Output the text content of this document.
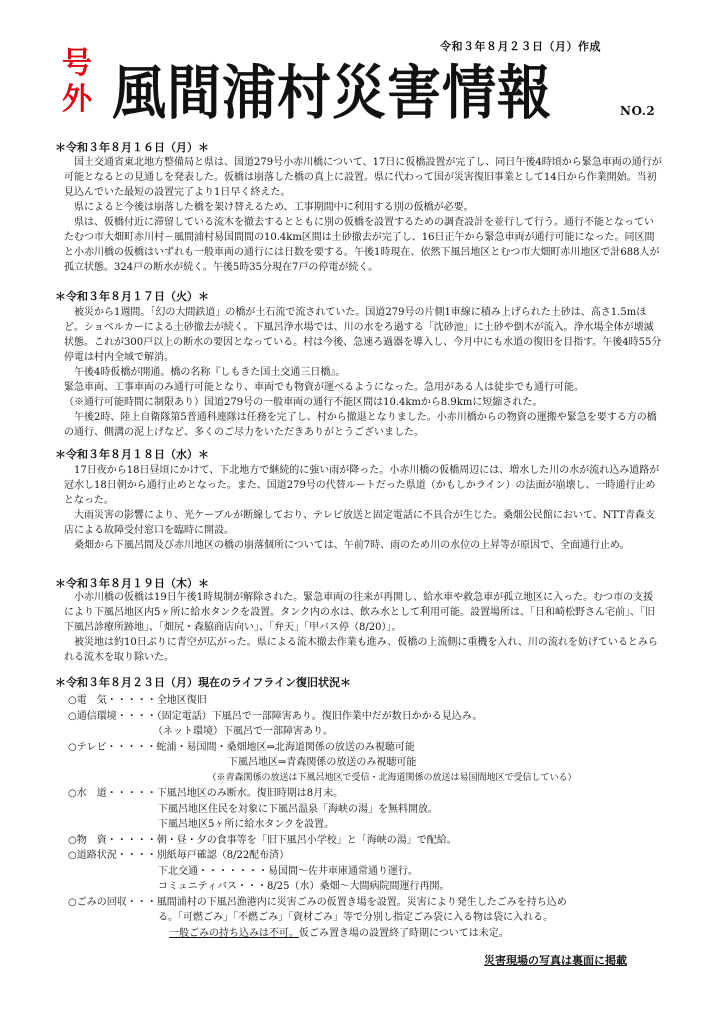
令和３年８月２３日（月）作成
号外 風間浦村災害情報	NO.2
＊令和３年８月１６日（月）＊

国土交通省東北地方整備局と県は、国道279号小赤川橋について、17日に仮橋設置が完了し、同日午後4時頃から緊急車両の通行が可能となるとの見通しを発表した。仮橋は崩落した橋の真上に設置。県に代わって国が災害復旧事業として14日から作業開始。当初見込んでいた最短の設置完了より1日早く終えた。

県によると今後は崩落した橋を架け替えるため、工事期間中に利用する別の仮橋が必要。

県は、仮橋付近に滞留している流木を撤去するとともに別の仮橋を設置するための調査設計を並行して行う。通行不能となっていたむつ市大畑町赤川村－風間浦村易国間間の10.4km区間は土砂撤去が完了し、16日正午から緊急車両が通行可能になった。同区間と小赤川橋の仮橋はいずれも一般車両の通行には日数を要する。午後1時現在、依然下風呂地区とむつ市大畑町赤川地区で計688人が孤立状態。324戸の断水が続く。午後5時35分現在7戸の停電が続く。

＊令和３年８月１７日（火）＊

被災から1週間。「幻の大間鉄道」の橋が土石流で流されていた。国道279号の片側1車線に積み上げられた土砂は、高さ1.5mほど。ショベルカーによる土砂撤去が続く。下風呂浄水場では、川の水をろ過する「沈砂池」に土砂や倒木が流入。浄水場全体が壊滅状態。これが300戸以上の断水の要因となっている。村は今後、急速ろ過器を導入し、今月中にも水道の復旧を目指す。午後4時55分停電は村内全域で解消。

午後4時仮橋が開通。橋の名称『しもきた国土交通三日橋』。

緊急車両、工事車両のみ通行可能となり、車両でも物資が運べるようになった。急用がある人は徒歩でも通行可能。

（※通行可能時間に制限あり）国道279号の一般車両の通行不能区間は10.4kmから8.9kmに短縮された。

午後2時、陸上自衛隊第5普通科連隊は任務を完了し、村から撤退となりました。小赤川橋からの物資の運搬や緊急を要する方の橋の通行、側溝の泥上げなど、多くのご尽力をいただきありがとうございました。

＊令和３年８月１８日（水）＊

17日夜から18日昼頃にかけて、下北地方で継続的に強い雨が降った。小赤川橋の仮橋周辺には、増水した川の水が流れ込み道路が冠水し18日朝から通行止めとなった。また、国道279号の代替ルートだった県道（かもしかライン）の法面が崩壊し、一時通行止めとなった。

大雨災害の影響により、光ケーブルが断線しており、テレビ放送と固定電話に不具合が生じた。桑畑公民館において、NTT青森支店による故障受付窓口を臨時に開設。

桑畑から下風呂間及び赤川地区の橋の崩落個所については、午前7時、雨のため川の水位の上昇等が原因で、全面通行止め。

＊令和３年８月１９日（木）＊

小赤川橋の仮橋は19日午後1時規制が解除された。緊急車両の往来が再開し、給水車や救急車が孤立地区に入った。むつ市の支援により下風呂地区内5ヶ所に給水タンクを設置。タンク内の水は、飲み水として利用可能。設置場所は、「日和崎松野さん宅前」、「旧下風呂診療所跡地」、「畑尻・森脇商店向い」、「弁天」「甲バス停（8/20）」。

被災地は約10日ぶりに青空が広がった。県による流木撤去作業も進み、仮橋の上流側に重機を入れ、川の流れを妨げているとみられる流木を取り除いた。

＊令和３年８月２３日（月）現在のライフライン復旧状況＊

○電　気・・・・・全地区復旧

○通信環境・・・・（固定電話）下風呂で一部障害あり。復旧作業中だが数日かかる見込み。

　　　　　　　　　（ネット環境）下風呂で一部障害あり。

○テレビ・・・・・蛇浦・易国間・桑畑地区⇒北海道関係の放送のみ視聴可能

　　　　　　　　　　　　　　　　下風呂地区⇒青森関係の放送のみ視聴可能

　　　　　　　　　　　　　　　　（※青森関係の放送は下風呂地区で受信・北海道関係の放送は易国間地区で受信している）

○水　道・・・・・下風呂地区のみ断水。復旧時期は8月末。

　　　　　　　　　下風呂地区住民を対象に下風呂温泉「海峡の湯」を無料開放。

　　　　　　　　　下風呂地区5ヶ所に給水タンクを設置。

○物　資・・・・・朝・昼・夕の食事等を「旧下風呂小学校」と「海峡の湯」で配給。

○道路状況・・・・別紙毎戸確認（8/22配布済）

　　　　　　　　　下北交通・・・・・・・易国間～佐井車庫通常通り運行。

　　　　　　　　　コミュニティバス・・・8/25（水）桑畑～大間病院間運行再開。

○ごみの回収・・・風間浦村の下風呂漁港内に災害ごみの仮置き場を設置。災害により発生したごみを持ち込め

　　　　　　　　　る。「可燃ごみ」「不燃ごみ」「資材ごみ」等で分別し指定ごみ袋に入る物は袋に入れる。

一般ごみの持ち込みは不可。仮ごみ置き場の設置終了時期については未定。

災害現場の写真は裏面に掲載
